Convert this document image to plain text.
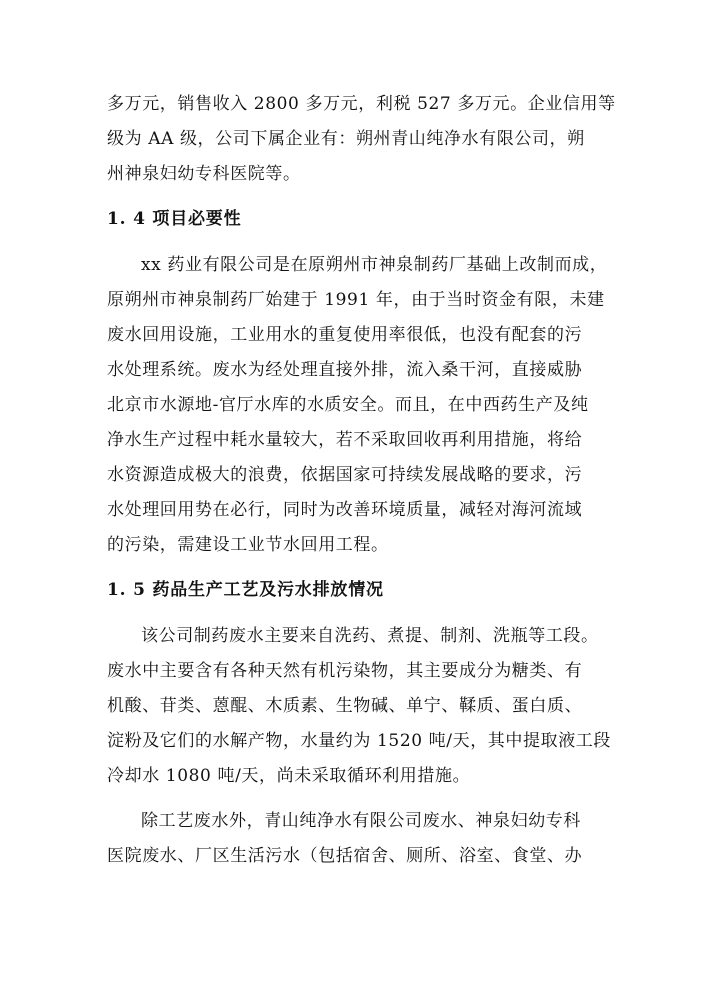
多万元，销售收入 2800 多万元，利税 527 多万元。企业信用等
级为 AA 级，公司下属企业有：朔州青山纯净水有限公司，朔
州神泉妇幼专科医院等。
1. 4 项目必要性
xx 药业有限公司是在原朔州市神泉制药厂基础上改制而成，
原朔州市神泉制药厂始建于 1991 年，由于当时资金有限，未建
废水回用设施，工业用水的重复使用率很低，也没有配套的污
水处理系统。废水为经处理直接外排，流入桑干河，直接威胁
北京市水源地-官厅水库的水质安全。而且，在中西药生产及纯
净水生产过程中耗水量较大，若不采取回收再利用措施，将给
水资源造成极大的浪费，依据国家可持续发展战略的要求，污
水处理回用势在必行，同时为改善环境质量，减轻对海河流域
的污染，需建设工业节水回用工程。
1. 5 药品生产工艺及污水排放情况
该公司制药废水主要来自洗药、煮提、制剂、洗瓶等工段。
废水中主要含有各种天然有机污染物，其主要成分为糖类、有
机酸、苷类、蒽醌、木质素、生物碱、单宁、鞣质、蛋白质、
淀粉及它们的水解产物，水量约为 1520 吨/天，其中提取液工段
冷却水 1080 吨/天，尚未采取循环利用措施。
除工艺废水外，青山纯净水有限公司废水、神泉妇幼专科
医院废水、厂区生活污水（包括宿舍、厕所、浴室、食堂、办
